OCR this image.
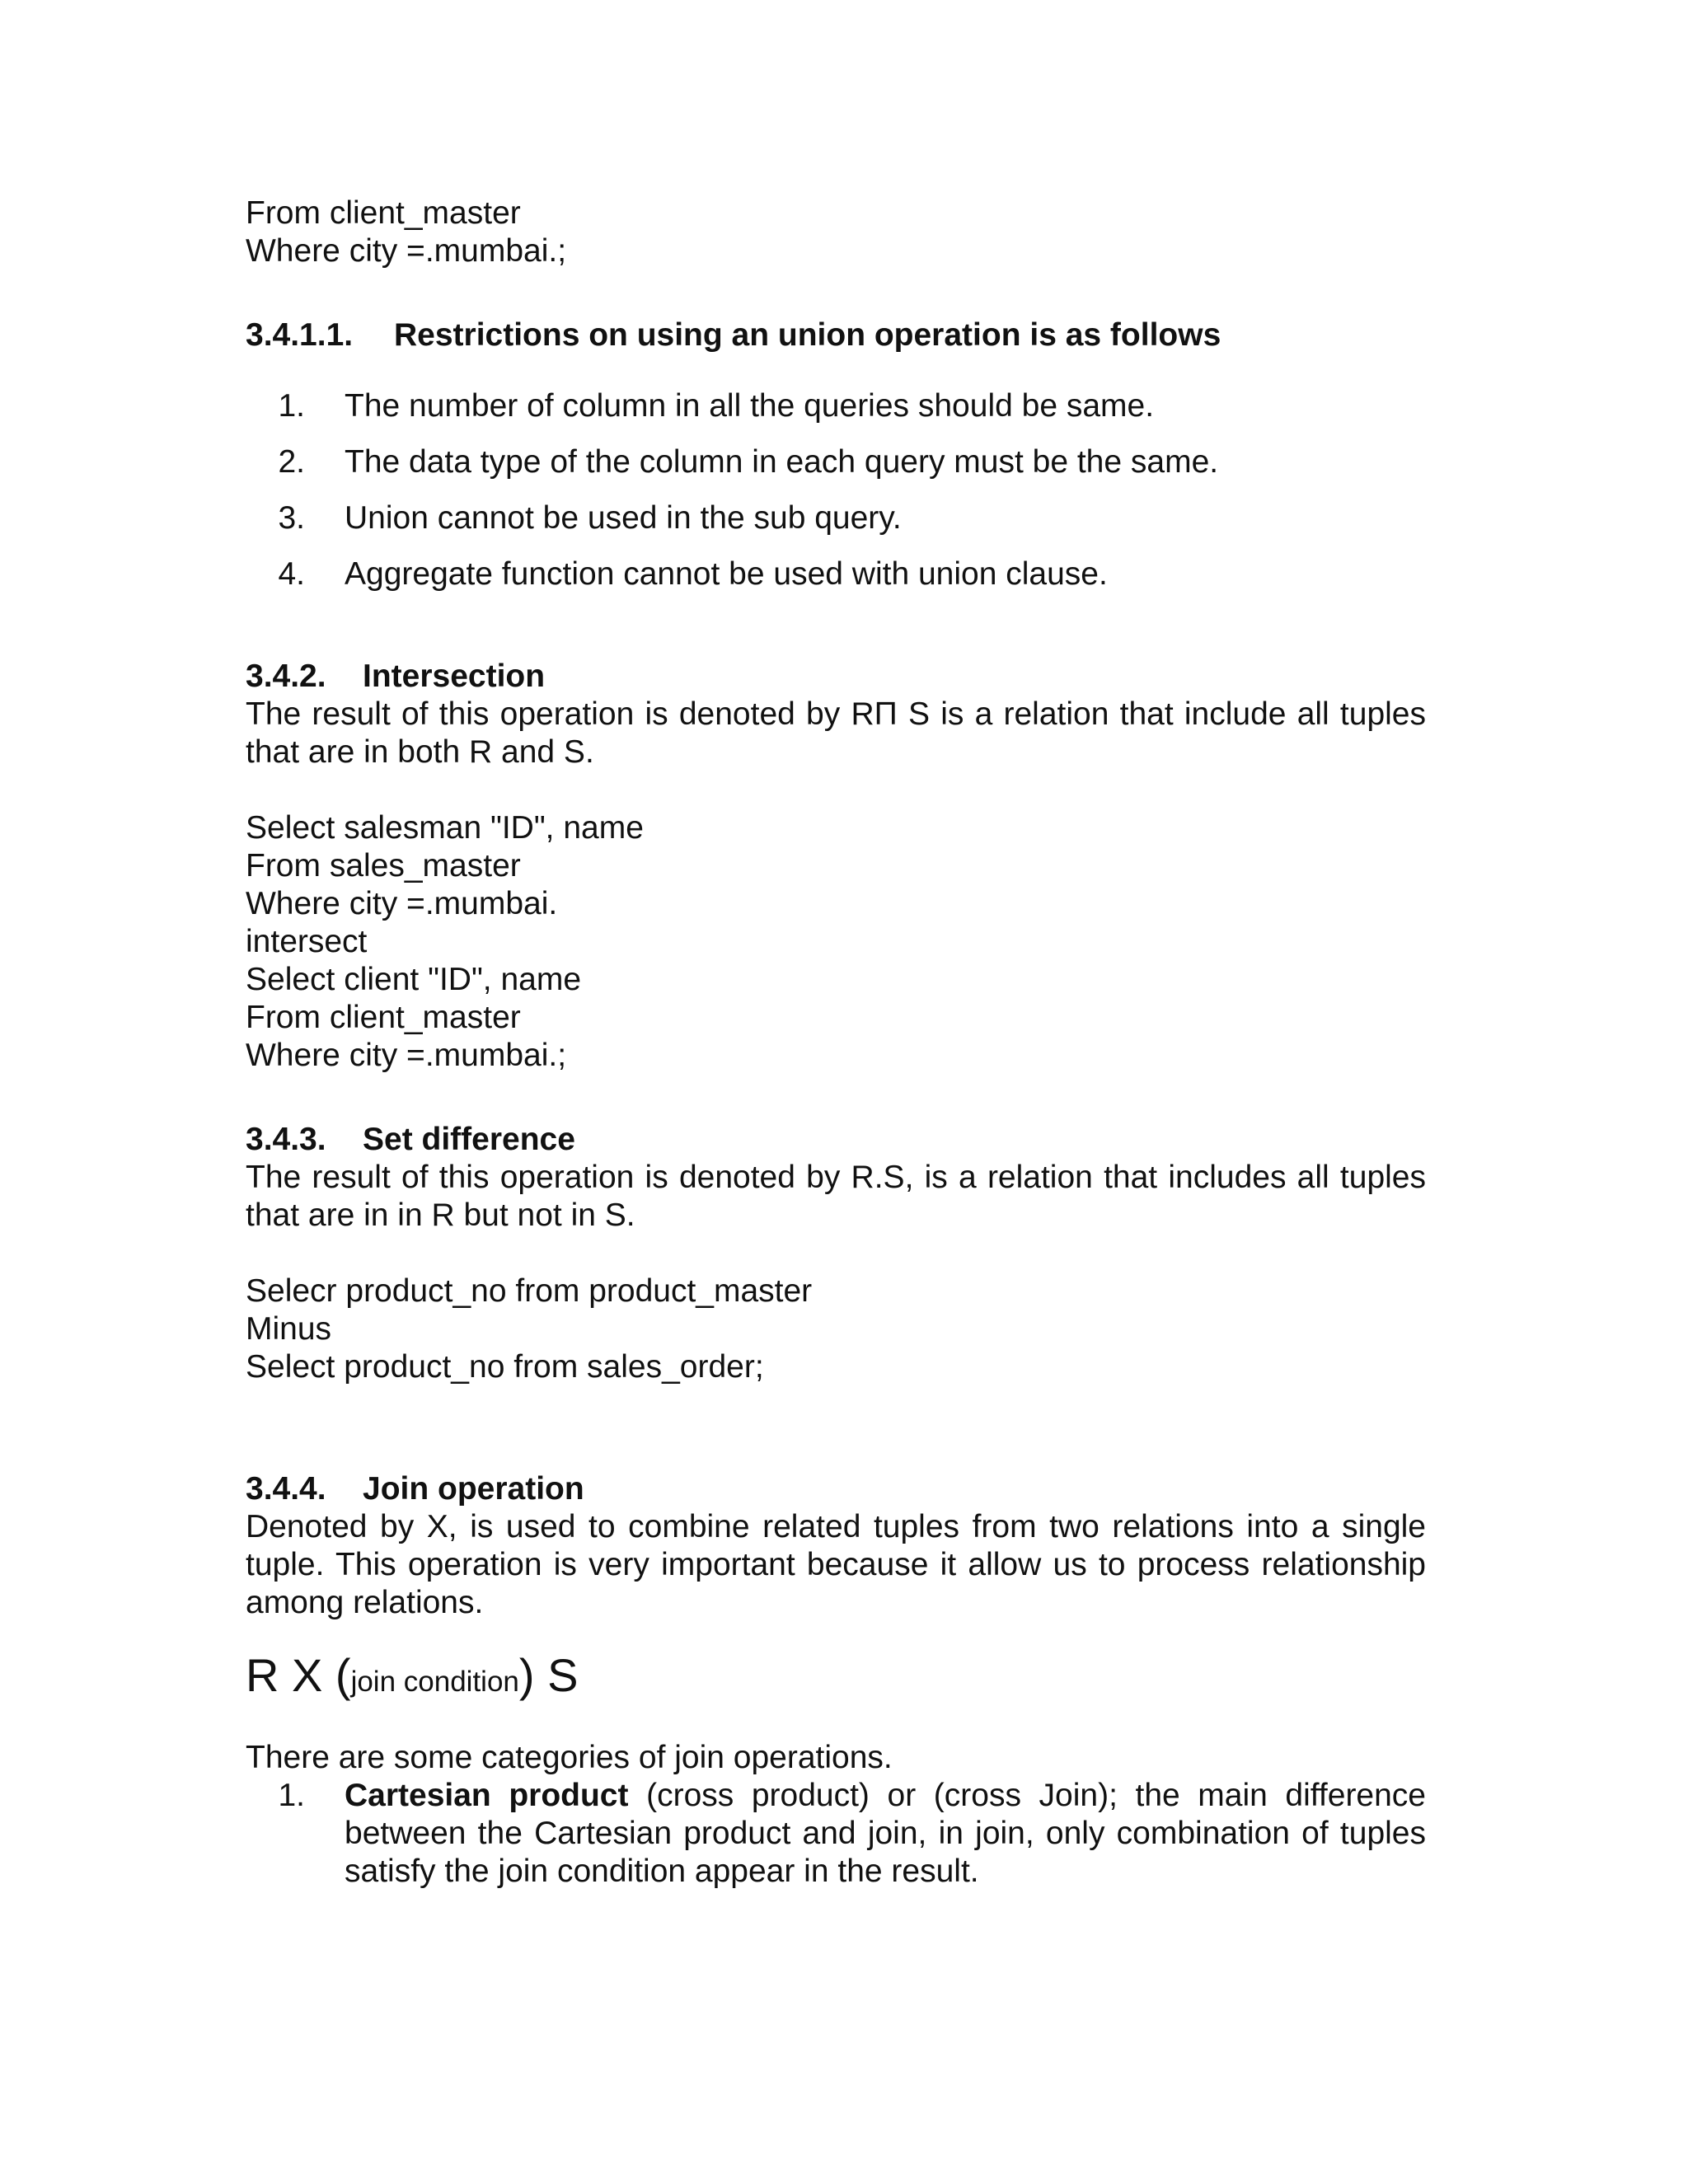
From client_master
Where city =.mumbai.;
3.4.1.1.	Restrictions on using an union operation is as follows
1.	The number of column in all the queries should be same.
2.	The data type of the column in each query must be the same.
3.	Union cannot be used in the sub query.
4.	Aggregate function cannot be used with union clause.
3.4.2.	Intersection
The result of this operation is denoted by RΠ S is a relation that include all tuples that are in both R and S.
Select salesman "ID", name
From sales_master
Where city =.mumbai.
intersect
Select client "ID", name
From client_master
Where city =.mumbai.;
3.4.3.	Set difference
The result of this operation is denoted by R.S, is a relation that includes all tuples that are in in R but not in S.
Selecr product_no from product_master
Minus
Select product_no from sales_order;
3.4.4.	Join operation
Denoted by X, is used to combine related tuples from two relations into a single tuple. This operation is very important because it allow us to process relationship among relations.
R X (join condition) S
There are some categories of join operations.
1.	Cartesian product (cross product) or (cross Join); the main difference between the Cartesian product and join, in join, only combination of tuples satisfy the join condition appear in the result.
